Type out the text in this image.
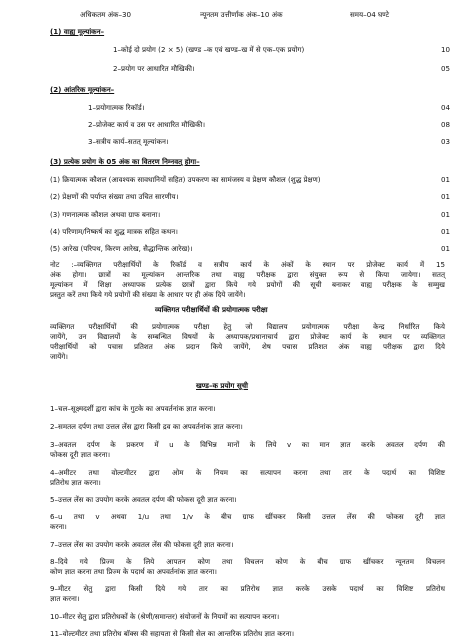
अधिकतम अंक–30	न्यूनतम उत्तीर्णांक अंक–10 अंक	समय–04 घण्टे
(1) वाह्य मूल्यांकन–
1–कोई दो प्रयोग (2 × 5) (खण्ड –क एवं खण्ड–ख में से एक–एक प्रयोग)	10
2–प्रयोग पर आधारित मौखिकी।	05
(2) आंतरिक मूल्यांकन–
1–प्रयोगात्मक रिकॉर्ड।	04
2–प्रोजेक्ट कार्य व उस पर आधारित मौखिकी।	08
3–सत्रीय कार्य–सतत् मूल्यांकन।	03
(3) प्रत्येक प्रयोग के 05 अंक का वितरण निम्नवत् होगा–
(1) क्रियात्मक कौशल (आवश्यक सावधानियों सहित) उपकरण का सामंजस्य व प्रेक्षण कौशल (शुद्ध प्रेक्षण)	01
(2) प्रेक्षणों की पर्याप्त संख्या तथा उचित सारणीय।	01
(3) गणनात्मक कौशल अथवा ग्राफ बनाना।	01
(4) परिणाम/निष्कर्ष का शुद्ध मात्रक सहित कथन।	01
(5) आरेख (परिपथ, किरण आरेख, सैद्धान्तिक आरेख)।	01
नोट :–व्यक्तिगत परीक्षार्थियों के रिकॉर्ड व सत्रीय कार्य के अंकों के स्थान पर प्रोजेक्ट कार्य में 15
अंक होगा। छात्रों का मूल्यांकन आन्तरिक तथा वाह्य परीक्षक द्वारा संयुक्त रूप से किया जायेगा। सतत्
मूल्यांकन में शिक्षा अध्यापक प्रत्येक छात्रों द्वारा किये गये प्रयोगों की सूची बनाकर वाह्य परीक्षक के सम्मुख
प्रस्तुत करें तथा किये गये प्रयोगों की संख्या के आधार पर ही अंक दिये जायेंगे।
व्यक्तिगत परीक्षार्थियों की प्रयोगात्मक परीक्षा
व्यक्तिगत परीक्षार्थियों की प्रयोगात्मक परीक्षा हेतु जो विद्यालय प्रयोगात्मक परीक्षा केन्द्र निर्धारित किये
जायेंगे, उन विद्यालयों के सम्बन्धित विषयों के अध्यापक/प्रधानाचार्य द्वारा प्रोजेक्ट कार्य के स्थान पर व्यक्तिगत
परीक्षार्थियों को पचास प्रतिशत अंक प्रदान किये जायेंगे, शेष पचास प्रतिशत अंक वाह्य परीक्षक द्वारा दिये
जायेंगे।
खण्ड–क प्रयोग सूची
1–चल–सूक्ष्मदर्शी द्वारा कांच के गुटके का अपवर्तनांक ज्ञात करना।
2–समतल दर्पण तथा उत्तल लेंस द्वारा किसी द्रव का अपवर्तनांक ज्ञात करना।
3–अवतल दर्पण के प्रकरण में u के विभिन्न मानों के लिये v का मान ज्ञात करके अवतल दर्पण की
फोकस दूरी ज्ञात करना।
4–अमीटर तथा वोल्टमीटर द्वारा ओम के नियम का सत्यापन करना तथा तार के पदार्थ का विशिष्ट
प्रतिरोध ज्ञात करना।
5–उत्तल लेंस का उपयोग करके अवतल दर्पण की फोकस दूरी ज्ञात करना।
6–u तथा v अथवा 1/u तथा 1/v के बीच ग्राफ खींचकर किसी उत्तल लेंस की फोकस दूरी ज्ञात
करना।
7–उत्तल लेंस का उपयोग करके अवतल लेंस की फोकस दूरी ज्ञात करना।
8–दिये गये प्रिज्म के लिये आपतन कोण तथा विचलन कोण के बीच ग्राफ खींचकर न्यूनतम विचलन
कोण ज्ञात करना तथा प्रिज्म के पदार्थ का अपवर्तनांक ज्ञात करना।
9–मीटर सेतु द्वारा किसी दिये गये तार का प्रतिरोध ज्ञात करके उसके पदार्थ का विशिष्ट प्रतिरोध
ज्ञात करना।
10–मीटर सेतु द्वारा प्रतिरोधकों के (श्रेणी/समान्तर) संयोजनों के नियमों का सत्यापन करना।
11–वोल्टमीटर तथा प्रतिरोध बॉक्स की सहायता से किसी सेल का आन्तरिक प्रतिरोध ज्ञात करना।
